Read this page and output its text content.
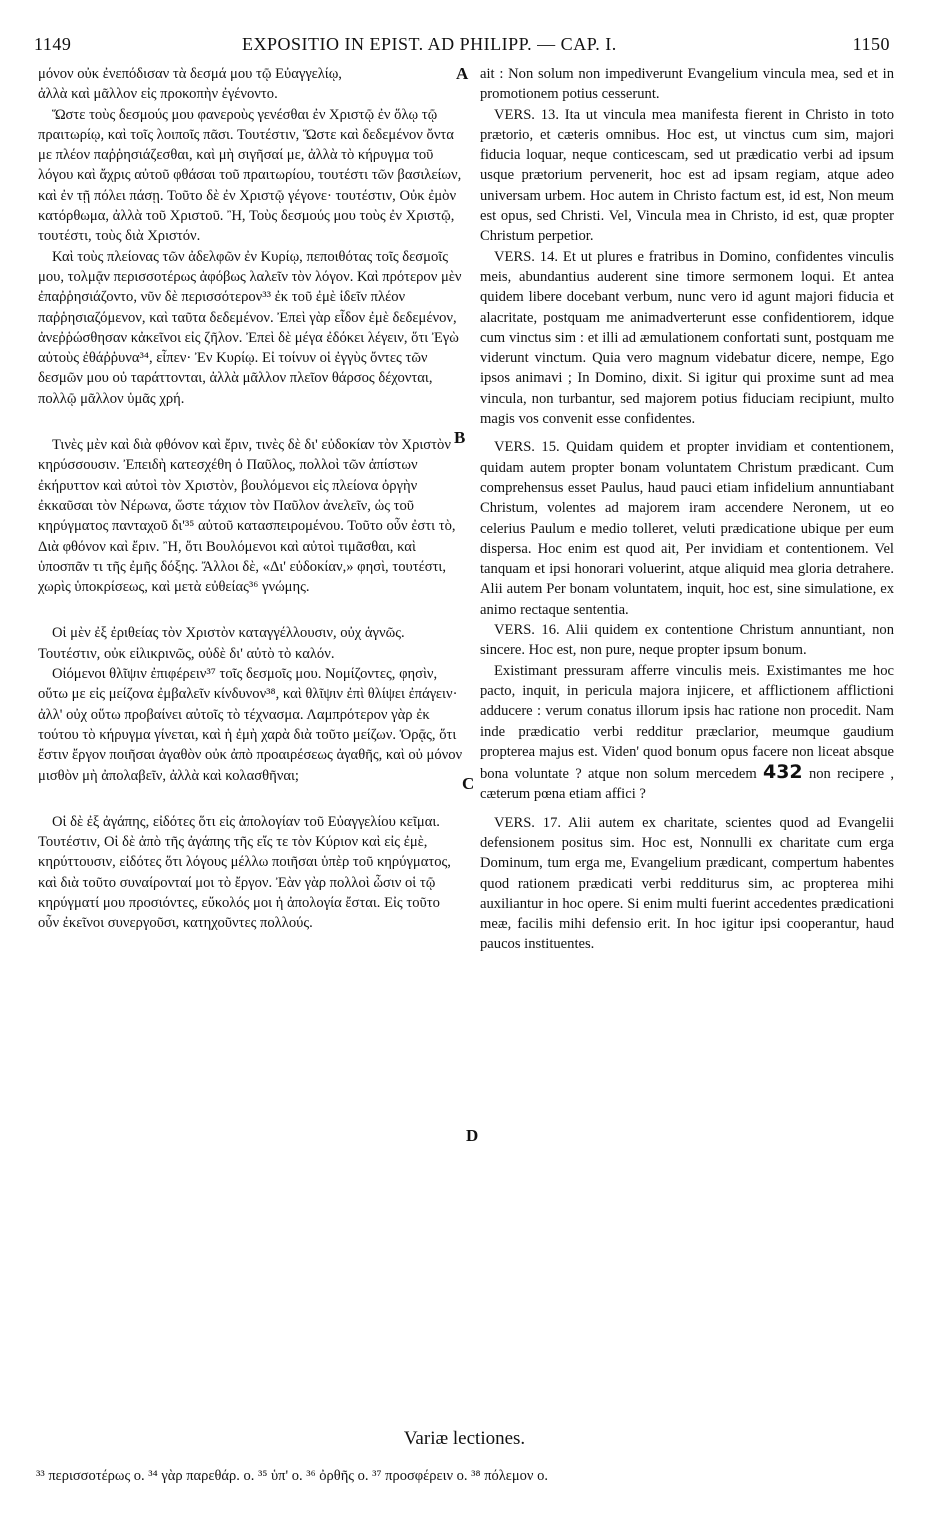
1149	EXPOSITIO IN EPIST. AD PHILIPP. — CAP. I.	1150

μόνον οὐκ ἐνεπόδισαν τὰ δεσμά μου τῷ Εὐαγγελίῳ,

ἀλλὰ καὶ μᾶλλον εἰς προκοπὴν ἐγένοντο.

Ὥστε τοὺς δεσμούς μου φανεροὺς γενέσθαι ἐν Χριστῷ ἐν ὅλῳ τῷ πραιτωρίῳ, καὶ τοῖς λοιποῖς πᾶσι. Τουτέστιν, Ὥστε καὶ δεδεμένον ὄντα με πλέον παῤῥησιάζεσθαι, καὶ μὴ σιγῆσαί με, ἀλλὰ τὸ κήρυγμα τοῦ λόγου καὶ ἄχρις αὐτοῦ φθάσαι τοῦ πραιτωρίου, τουτέστι τῶν βασιλείων, καὶ ἐν τῇ πόλει πάσῃ. Τοῦτο δὲ ἐν Χριστῷ γέγονε· τουτέστιν, Οὐκ ἐμὸν κατόρθωμα, ἀλλὰ τοῦ Χριστοῦ. Ἢ, Τοὺς δεσμούς μου τοὺς ἐν Χριστῷ, τουτέστι, τοὺς διὰ Χριστόν.

Καὶ τοὺς πλείονας τῶν ἀδελφῶν ἐν Κυρίῳ, πεποιθότας τοῖς δεσμοῖς μου, τολμᾷν περισσοτέρως ἀφόβως λαλεῖν τὸν λόγον. Καὶ πρότερον μὲν ἐπαῤῥησιάζοντο, νῦν δὲ περισσότερον³³ ἐκ τοῦ ἐμὲ ἰδεῖν πλέον παῤῥησιαζόμενον, καὶ ταῦτα δεδεμένον. Ἐπεὶ γὰρ εἶδον ἐμὲ δεδεμένον, ἀνεῤῥώσθησαν κἀκεῖνοι εἰς ζῆλον. Ἐπεὶ δὲ μέγα ἐδόκει λέγειν, ὅτι Ἐγὼ αὐτοὺς ἐθάῤῥυνα³⁴, εἶπεν· Ἐν Κυρίῳ. Εἰ τοίνυν οἱ ἐγγὺς ὄντες τῶν δεσμῶν μου οὐ ταράττονται, ἀλλὰ μᾶλλον πλεῖον θάρσος δέχονται, πολλῷ μᾶλλον ὑμᾶς χρή.

Τινὲς μὲν καὶ διὰ φθόνον καὶ ἔριν, τινὲς δὲ δι' εὐδοκίαν τὸν Χριστὸν κηρύσσουσιν. Ἐπειδὴ κατεσχέθη ὁ Παῦλος, πολλοὶ τῶν ἀπίστων ἐκήρυττον καὶ αὐτοὶ τὸν Χριστὸν, βουλόμενοι εἰς πλείονα ὀργὴν ἐκκαῦσαι τὸν Νέρωνα, ὥστε τάχιον τὸν Παῦλον ἀνελεῖν, ὡς τοῦ κηρύγματος πανταχοῦ δι'³⁵ αὐτοῦ κατασπειρομένου. Τοῦτο οὖν ἐστι τὸ, Διὰ φθόνον καὶ ἔριν. Ἢ, ὅτι Βουλόμενοι καὶ αὐτοὶ τιμᾶσθαι, καὶ ὑποσπᾶν τι τῆς ἐμῆς δόξης. Ἄλλοι δὲ, «Δι' εὐδοκίαν,» φησὶ, τουτέστι, χωρὶς ὑποκρίσεως, καὶ μετὰ εὐθείας³⁶ γνώμης.

Οἱ μὲν ἐξ ἐριθείας τὸν Χριστὸν καταγγέλλουσιν, οὐχ ἁγνῶς. Τουτέστιν, οὐκ εἰλικρινῶς, οὐδὲ δι' αὐτὸ τὸ καλόν.

Οἰόμενοι θλῖψιν ἐπιφέρειν³⁷ τοῖς δεσμοῖς μου. Νομίζοντες, φησὶν, οὕτω με εἰς μείζονα ἐμβαλεῖν κίνδυνον³⁸, καὶ θλῖψιν ἐπὶ θλίψει ἐπάγειν· ἀλλ' οὐχ οὕτω προβαίνει αὐτοῖς τὸ τέχνασμα. Λαμπρότερον γὰρ ἐκ τούτου τὸ κήρυγμα γίνεται, καὶ ἡ ἐμὴ χαρὰ διὰ τοῦτο μείζων. Ὁρᾷς, ὅτι ἔστιν ἔργον ποιῆσαι ἀγαθὸν οὐκ ἀπὸ προαιρέσεως ἀγαθῆς, καὶ οὐ μόνον μισθὸν μὴ ἀπολαβεῖν, ἀλλὰ καὶ κολασθῆναι;

Οἱ δὲ ἐξ ἀγάπης, εἰδότες ὅτι εἰς ἀπολογίαν τοῦ Εὐαγγελίου κεῖμαι. Τουτέστιν, Οἱ δὲ ἀπὸ τῆς ἀγάπης τῆς εἴς τε τὸν Κύριον καὶ εἰς ἐμὲ, κηρύττουσιν, εἰδότες ὅτι λόγους μέλλω ποιῆσαι ὑπὲρ τοῦ κηρύγματος, καὶ διὰ τοῦτο συναίρονταί μοι τὸ ἔργον. Ἐὰν γὰρ πολλοὶ ὦσιν οἱ τῷ κηρύγματί μου προσιόντες, εὔκολός μοι ἡ ἀπολογία ἔσται. Εἰς τοῦτο οὖν ἐκεῖνοι συνεργοῦσι, κατηχοῦντες πολλούς.

ait : Non solum non impediverunt Evangelium vincula mea, sed et in promotionem potius cesserunt.

VERS. 13. Ita ut vincula mea manifesta fierent in Christo in toto prætorio, et cæteris omnibus. Hoc est, ut vinctus cum sim, majori fiducia loquar, neque conticescam, sed ut prædicatio verbi ad ipsum usque prætorium pervenerit, hoc est ad ipsam regiam, atque adeo universam urbem. Hoc autem in Christo factum est, id est, Non meum est opus, sed Christi. Vel, Vincula mea in Christo, id est, quæ propter Christum perpetior.

VERS. 14. Et ut plures e fratribus in Domino, confidentes vinculis meis, abundantius auderent sine timore sermonem loqui. Et antea quidem libere docebant verbum, nunc vero id agunt majori fiducia et alacritate, postquam me animadverterunt esse confidentiorem, idque cum vinctus sim : et illi ad æmulationem confortati sunt, postquam me viderunt vinctum. Quia vero magnum videbatur dicere, nempe, Ego ipsos animavi ; In Domino, dixit. Si igitur qui proxime sunt ad mea vincula, non turbantur, sed majorem potius fiduciam recipiunt, multo magis vos convenit esse confidentes.

VERS. 15. Quidam quidem et propter invidiam et contentionem, quidam autem propter bonam voluntatem Christum prædicant. Cum comprehensus esset Paulus, haud pauci etiam infidelium annuntiabant Christum, volentes ad majorem iram accendere Neronem, ut eo celerius Paulum e medio tolleret, veluti prædicatione ubique per eum dispersa. Hoc enim est quod ait, Per invidiam et contentionem. Vel tanquam et ipsi honorari voluerint, atque aliquid mea gloria detrahere. Alii autem Per bonam voluntatem, inquit, hoc est, sine simulatione, ex animo rectaque sententia.

VERS. 16. Alii quidem ex contentione Christum annuntiant, non sincere. Hoc est, non pure, neque propter ipsum bonum.

Existimant pressuram afferre vinculis meis. Existimantes me hoc pacto, inquit, in pericula majora injicere, et afflictionem afflictioni adducere : verum conatus illorum ipsis hac ratione non procedit. Nam inde prædicatio verbi redditur præclarior, meumque gaudium propterea majus est. Viden' quod bonum opus facere non liceat absque bona voluntate ? atque non solum mercedem 432 non recipere , cæterum pœna etiam affici ?

VERS. 17. Alii autem ex charitate, scientes quod ad Evangelii defensionem positus sim. Hoc est, Nonnulli ex charitate cum erga Dominum, tum erga me, Evangelium prædicant, compertum habentes quod rationem prædicati verbi redditurus sim, ac propterea mihi auxiliantur in hoc opere. Si enim multi fuerint accedentes prædicationi meæ, facilis mihi defensio erit. In hoc igitur ipsi cooperantur, haud paucos instituentes.

A
B
C
D
Variæ lectiones.
³³ περισσοτέρως o. ³⁴ γὰρ παρεθάρ. o. ³⁵ ὑπ' o. ³⁶ ὀρθῆς o. ³⁷ προσφέρειν o. ³⁸ πόλεμον o.
